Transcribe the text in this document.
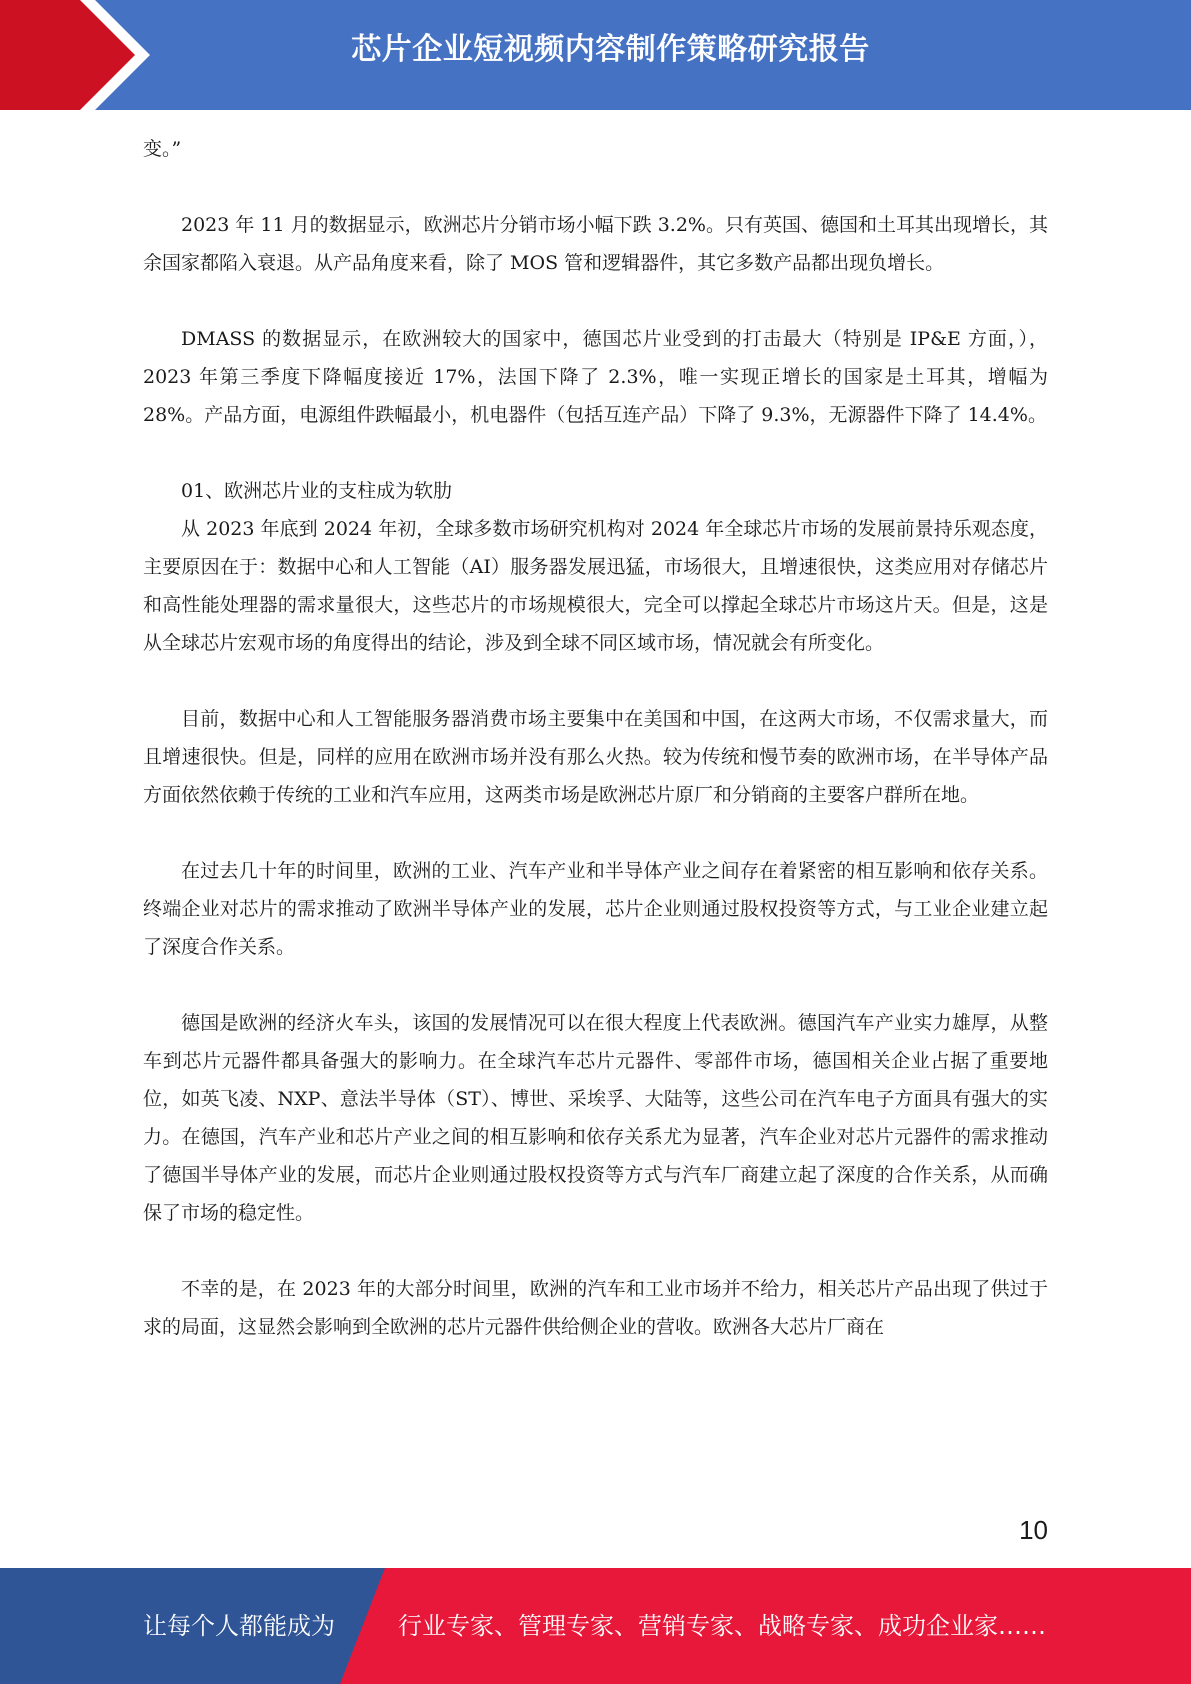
芯片企业短视频内容制作策略研究报告

变。”

2023 年 11 月的数据显示，欧洲芯片分销市场小幅下跌 3.2%。只有英国、德国和土耳其出现增长，其余国家都陷入衰退。从产品角度来看，除了 MOS 管和逻辑器件，其它多数产品都出现负增长。

DMASS 的数据显示，在欧洲较大的国家中，德国芯片业受到的打击最大（特别是 IP&E 方面，），2023 年第三季度下降幅度接近 17%，法国下降了 2.3%，唯一实现正增长的国家是土耳其，增幅为 28%。产品方面，电源组件跌幅最小，机电器件（包括互连产品）下降了 9.3%，无源器件下降了 14.4%。

01、欧洲芯片业的支柱成为软肋

从 2023 年底到 2024 年初，全球多数市场研究机构对 2024 年全球芯片市场的发展前景持乐观态度，主要原因在于：数据中心和人工智能（AI）服务器发展迅猛，市场很大，且增速很快，这类应用对存储芯片和高性能处理器的需求量很大，这些芯片的市场规模很大，完全可以撑起全球芯片市场这片天。但是，这是从全球芯片宏观市场的角度得出的结论，涉及到全球不同区域市场，情况就会有所变化。

目前，数据中心和人工智能服务器消费市场主要集中在美国和中国，在这两大市场，不仅需求量大，而且增速很快。但是，同样的应用在欧洲市场并没有那么火热。较为传统和慢节奏的欧洲市场，在半导体产品方面依然依赖于传统的工业和汽车应用，这两类市场是欧洲芯片原厂和分销商的主要客户群所在地。

在过去几十年的时间里，欧洲的工业、汽车产业和半导体产业之间存在着紧密的相互影响和依存关系。终端企业对芯片的需求推动了欧洲半导体产业的发展，芯片企业则通过股权投资等方式，与工业企业建立起了深度合作关系。

德国是欧洲的经济火车头，该国的发展情况可以在很大程度上代表欧洲。德国汽车产业实力雄厚，从整车到芯片元器件都具备强大的影响力。在全球汽车芯片元器件、零部件市场，德国相关企业占据了重要地位，如英飞凌、NXP、意法半导体（ST）、博世、采埃孚、大陆等，这些公司在汽车电子方面具有强大的实力。在德国，汽车产业和芯片产业之间的相互影响和依存关系尤为显著，汽车企业对芯片元器件的需求推动了德国半导体产业的发展，而芯片企业则通过股权投资等方式与汽车厂商建立起了深度的合作关系，从而确保了市场的稳定性。

不幸的是，在 2023 年的大部分时间里，欧洲的汽车和工业市场并不给力，相关芯片产品出现了供过于求的局面，这显然会影响到全欧洲的芯片元器件供给侧企业的营收。欧洲各大芯片厂商在

10
让每个人都能成为	行业专家、管理专家、营销专家、战略专家、成功企业家……
